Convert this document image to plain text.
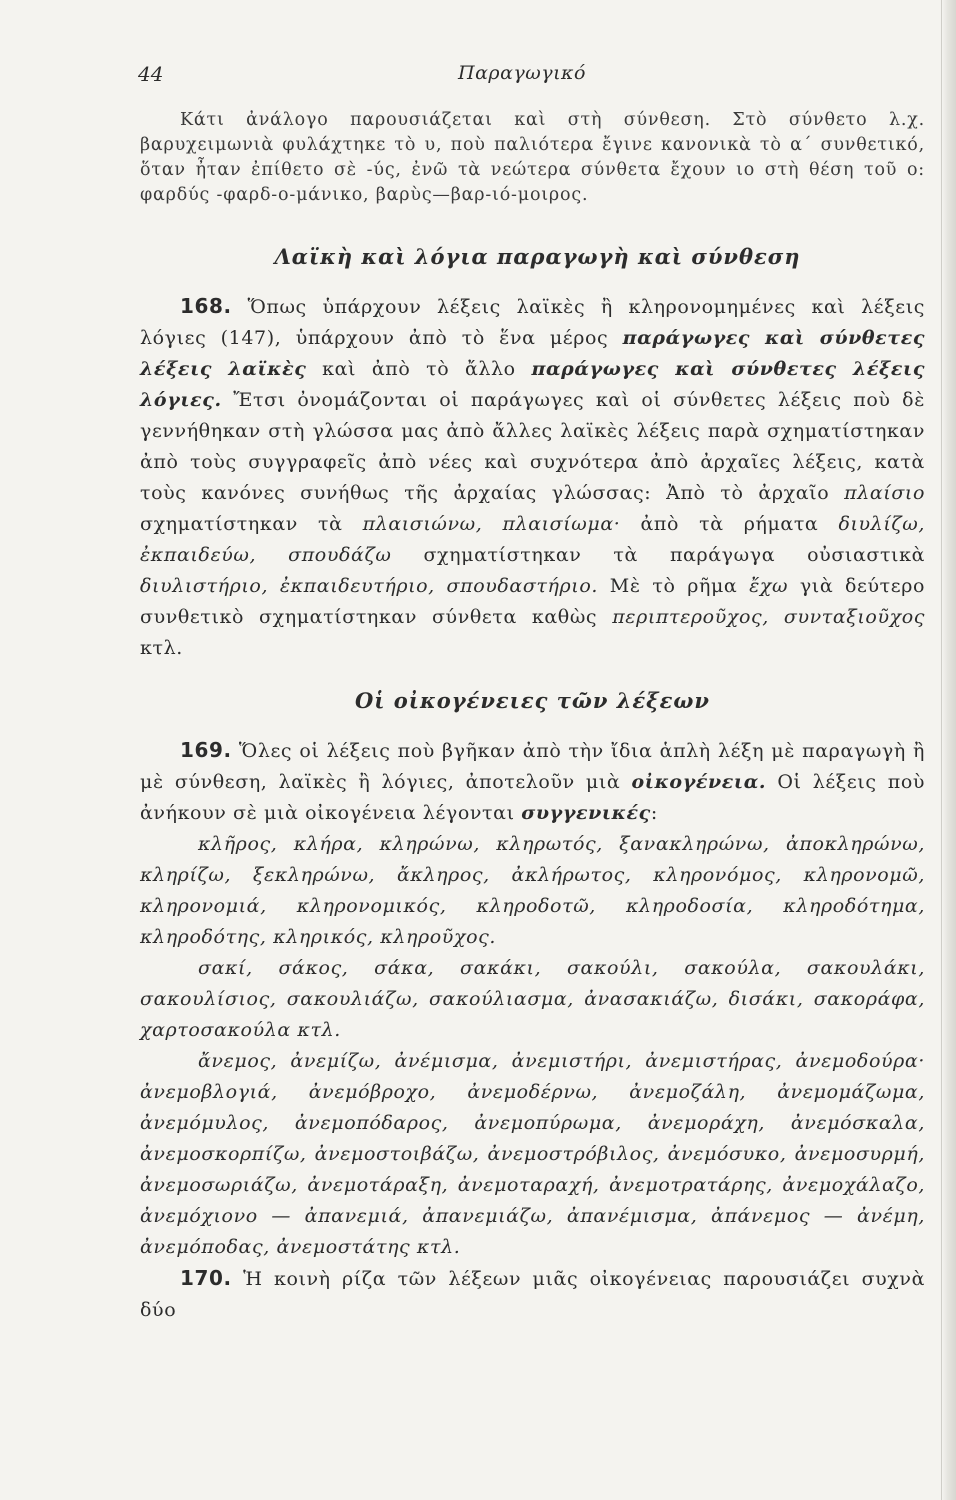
44	Παραγωγικό

Κάτι ἀνάλογο παρουσιάζεται καὶ στὴ σύνθεση. Στὸ σύνθετο λ.χ. βαρυχειμωνιὰ φυλάχτηκε τὸ υ, ποὺ παλιότερα ἔγινε κανονικὰ τὸ α΄ συνθετικό, ὅταν ἦταν ἐπίθετο σὲ -ύς, ἐνῶ τὰ νεώτερα σύνθετα ἔχουν ιο στὴ θέση τοῦ ο: φαρδύς -φαρδ-ο-μάνικο, βαρὺς—βαρ-ιό-μοιρος.

Λαϊκὴ καὶ λόγια παραγωγὴ καὶ σύνθεση

168. Ὅπως ὑπάρχουν λέξεις λαϊκὲς ἢ κληρονομημένες καὶ λέξεις λόγιες (147), ὑπάρχουν ἀπὸ τὸ ἕνα μέρος παράγωγες καὶ σύνθετες λέξεις λαϊκὲς καὶ ἀπὸ τὸ ἄλλο παράγωγες καὶ σύνθετες λέξεις λόγιες. Ἔτσι ὀνομάζονται οἱ παράγωγες καὶ οἱ σύνθετες λέξεις ποὺ δὲ γεννήθηκαν στὴ γλώσσα μας ἀπὸ ἄλλες λαϊκὲς λέξεις παρὰ σχηματίστηκαν ἀπὸ τοὺς συγγραφεῖς ἀπὸ νέες καὶ συχνότερα ἀπὸ ἀρχαῖες λέξεις, κατὰ τοὺς κανόνες συνήθως τῆς ἀρχαίας γλώσσας: Ἀπὸ τὸ ἀρχαῖο πλαίσιο σχηματίστηκαν τὰ πλαισιώνω, πλαισίωμα· ἀπὸ τὰ ρήματα διυλίζω, ἐκπαιδεύω, σπουδάζω σχηματίστηκαν τὰ παράγωγα οὐσιαστικὰ διυλιστήριο, ἐκπαιδευτήριο, σπουδαστήριο. Μὲ τὸ ρῆμα ἔχω γιὰ δεύτερο συνθετικὸ σχηματίστηκαν σύνθετα καθὼς περιπτεροῦχος, συνταξιοῦχος κτλ.

Οἱ οἰκογένειες τῶν λέξεων

169. Ὅλες οἱ λέξεις ποὺ βγῆκαν ἀπὸ τὴν ἴδια ἁπλὴ λέξη μὲ παραγωγὴ ἢ μὲ σύνθεση, λαϊκὲς ἢ λόγιες, ἀποτελοῦν μιὰ οἰκογένεια. Οἱ λέξεις ποὺ ἀνήκουν σὲ μιὰ οἰκογένεια λέγονται συγγενικές:

κλῆρος, κλήρα, κληρώνω, κληρωτός, ξανακληρώνω, ἀποκληρώνω, κληρίζω, ξεκληρώνω, ἄκληρος, ἀκλήρωτος, κληρονόμος, κληρονομῶ, κληρονομιά, κληρονομικός, κληροδοτῶ, κληροδοσία, κληροδότημα, κληροδότης, κληρικός, κληροῦχος.

σακί, σάκος, σάκα, σακάκι, σακούλι, σακούλα, σακουλάκι, σακουλίσιος, σακουλιάζω, σακούλιασμα, ἀνασακιάζω, δισάκι, σακοράφα, χαρτοσακούλα κτλ.

ἄνεμος, ἀνεμίζω, ἀνέμισμα, ἀνεμιστήρι, ἀνεμιστήρας, ἀνεμοδούρα· ἀνεμοβλογιά, ἀνεμόβροχο, ἀνεμοδέρνω, ἀνεμοζάλη, ἀνεμομάζωμα, ἀνεμόμυλος, ἀνεμοπόδαρος, ἀνεμοπύρωμα, ἀνεμοράχη, ἀνεμόσκαλα, ἀνεμοσκορπίζω, ἀνεμοστοιβάζω, ἀνεμοστρόβιλος, ἀνεμόσυκο, ἀνεμοσυρμή, ἀνεμοσωριάζω, ἀνεμοτάραξη, ἀνεμοταραχή, ἀνεμοτρατάρης, ἀνεμοχάλαζο, ἀνεμόχιονο — ἀπανεμιά, ἀπανεμιάζω, ἀπανέμισμα, ἀπάνεμος — ἀνέμη, ἀνεμόποδας, ἀνεμοστάτης κτλ.

170. Ἡ κοινὴ ρίζα τῶν λέξεων μιᾶς οἰκογένειας παρουσιάζει συχνὰ δύο
